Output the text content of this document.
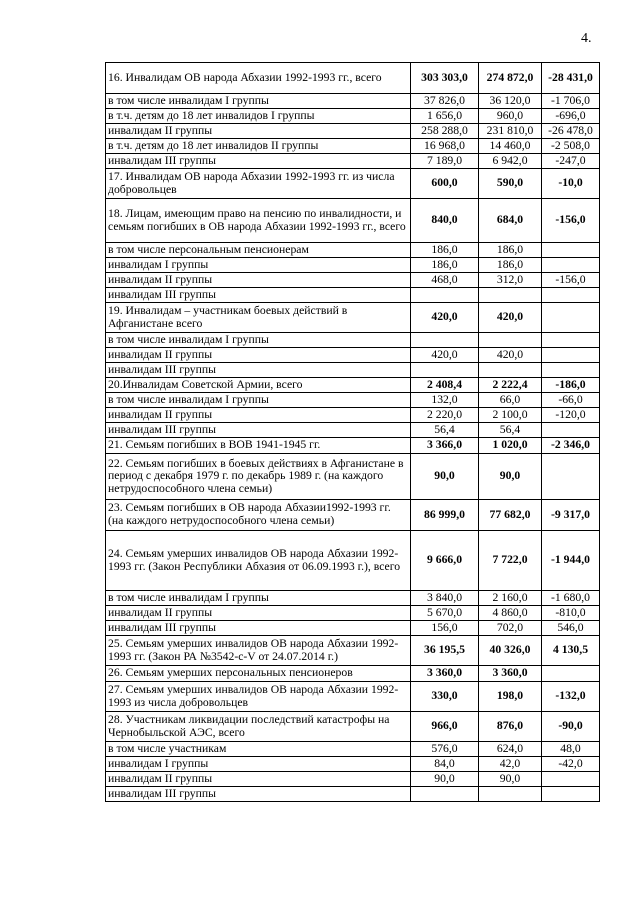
4.
16. Инвалидам ОВ народа Абхазии 1992-1993 гг., всего	303 303,0	274 872,0	-28 431,0
в том числе инвалидам I группы	37 826,0	36 120,0	-1 706,0
в т.ч. детям до 18 лет инвалидов I группы	1 656,0	960,0	-696,0
инвалидам II группы	258 288,0	231 810,0	-26 478,0
в т.ч. детям до 18 лет инвалидов II группы	16 968,0	14 460,0	-2 508,0
инвалидам III группы	7 189,0	6 942,0	-247,0
17. Инвалидам ОВ народа Абхазии 1992-1993 гг. из числа добровольцев	600,0	590,0	-10,0
18. Лицам, имеющим право на пенсию по инвалидности, и семьям погибших в ОВ народа Абхазии 1992-1993 гг., всего	840,0	684,0	-156,0
в том числе персональным пенсионерам	186,0	186,0	
инвалидам I группы	186,0	186,0	
инвалидам II группы	468,0	312,0	-156,0
инвалидам III группы			
19. Инвалидам – участникам боевых действий в Афганистане всего	420,0	420,0	
в том числе инвалидам I группы			
инвалидам II группы	420,0	420,0	
инвалидам III группы			
20.Инвалидам Советской Армии, всего	2 408,4	2 222,4	-186,0
в том числе инвалидам I группы	132,0	66,0	-66,0
инвалидам II группы	2 220,0	2 100,0	-120,0
инвалидам III группы	56,4	56,4	
21. Семьям погибших в ВОВ 1941-1945 гг.	3 366,0	1 020,0	-2 346,0
22. Семьям погибших в боевых действиях в Афганистане в период с декабря 1979 г. по декабрь 1989 г. (на каждого нетрудоспособного члена семьи)	90,0	90,0	
23. Семьям погибших в ОВ народа Абхазии1992-1993 гг. (на каждого нетрудоспособного члена семьи)	86 999,0	77 682,0	-9 317,0
24. Семьям умерших инвалидов ОВ народа Абхазии 1992-1993 гг. (Закон Республики Абхазия от 06.09.1993 г.), всего	9 666,0	7 722,0	-1 944,0
в том числе инвалидам I группы	3 840,0	2 160,0	-1 680,0
инвалидам II группы	5 670,0	4 860,0	-810,0
инвалидам III группы	156,0	702,0	546,0
25. Семьям умерших инвалидов ОВ народа Абхазии 1992-1993 гг. (Закон РА №3542-с-V от 24.07.2014 г.)	36 195,5	40 326,0	4 130,5
26. Семьям умерших персональных пенсионеров	3 360,0	3 360,0	
27. Семьям умерших инвалидов ОВ народа Абхазии 1992-1993 из числа добровольцев	330,0	198,0	-132,0
28. Участникам ликвидации последствий катастрофы на Чернобыльской АЭС, всего	966,0	876,0	-90,0
в том числе участникам	576,0	624,0	48,0
инвалидам I группы	84,0	42,0	-42,0
инвалидам II группы	90,0	90,0	
инвалидам III группы			
